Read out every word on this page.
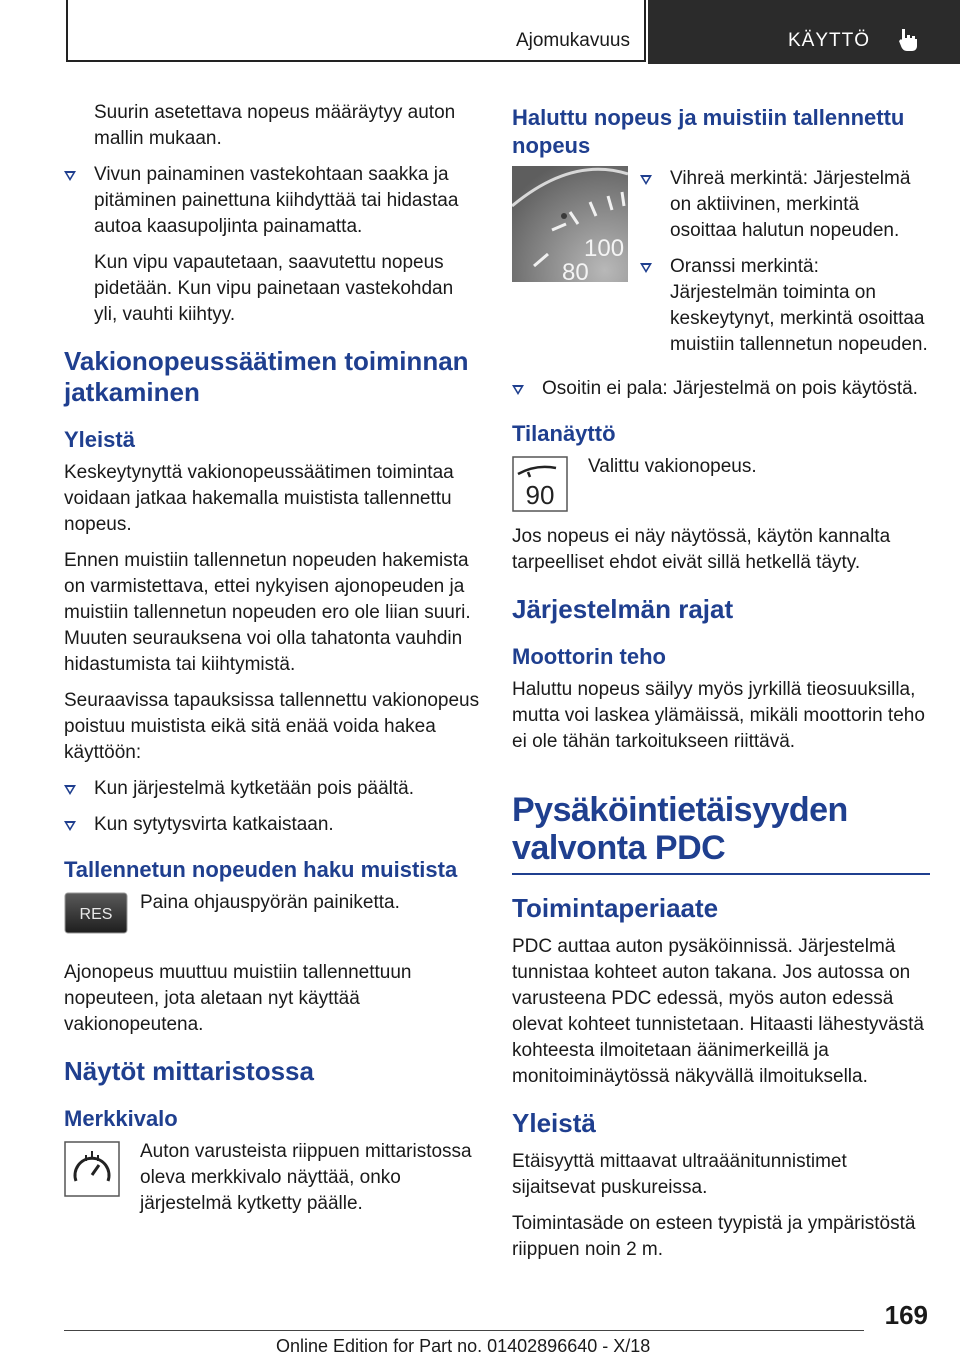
Ajomukavuus	KÄYTTÖ

Suurin asetettava nopeus määräytyy auton mallin mukaan.

Vivun painaminen vastekohtaan saakka ja pitäminen painettuna kiihdyttää tai hidastaa autoa kaasupoljinta painamatta.

Kun vipu vapautetaan, saavutettu nopeus pidetään. Kun vipu painetaan vastekohdan yli, vauhti kiihtyy.

Vakionopeussäätimen toiminnan jatkaminen
Yleistä

Keskeytynyttä vakionopeussäätimen toimintaa voidaan jatkaa hakemalla muistista tallennettu nopeus.

Ennen muistiin tallennetun nopeuden hakemista on varmistettava, ettei nykyisen ajonopeuden ja muistiin tallennetun nopeuden ero ole liian suuri. Muuten seurauksena voi olla tahatonta vauhdin hidastumista tai kiihtymistä.

Seuraavissa tapauksissa tallennettu vakionopeus poistuu muistista eikä sitä enää voida hakea käyttöön:

Kun järjestelmä kytketään pois päältä.
Kun sytytysvirta katkaistaan.
Tallennetun nopeuden haku muistista
RES
Paina ohjauspyörän painiketta.

Ajonopeus muuttuu muistiin tallennettuun nopeuteen, jota aletaan nyt käyttää vakionopeutena.

Näytöt mittaristossa
Merkkivalo
Auton varusteista riippuen mittaristossa oleva merkkivalo näyttää, onko järjestelmä kytketty päälle.
Haluttu nopeus ja muistiin tallennettu nopeus
100
80
Vihreä merkintä: Järjestelmä on aktiivinen, merkintä osoittaa halutun nopeuden.
Oranssi merkintä: Järjestelmän toiminta on keskeytynyt, merkintä osoittaa muistiin tallennetun nopeuden.
Osoitin ei pala: Järjestelmä on pois käytöstä.
Tilanäyttö
90
Valittu vakionopeus.

Jos nopeus ei näy näytössä, käytön kannalta tarpeelliset ehdot eivät sillä hetkellä täyty.

Järjestelmän rajat
Moottorin teho

Haluttu nopeus säilyy myös jyrkillä tieosuuksilla, mutta voi laskea ylämäissä, mikäli moottorin teho ei ole tähän tarkoitukseen riittävä.

Pysäköintietäisyyden valvonta PDC
Toimintaperiaate

PDC auttaa auton pysäköinnissä. Järjestelmä tunnistaa kohteet auton takana. Jos autossa on varusteena PDC edessä, myös auton edessä olevat kohteet tunnistetaan. Hitaasti lähestyvästä kohteesta ilmoitetaan äänimerkeillä ja monitoiminäytössä näkyvällä ilmoituksella.

Yleistä

Etäisyyttä mittaavat ultraäänitunnistimet sijaitsevat puskureissa.

Toimintasäde on esteen tyypistä ja ympäristöstä riippuen noin 2 m.

169
Online Edition for Part no. 01402896640 - X/18
